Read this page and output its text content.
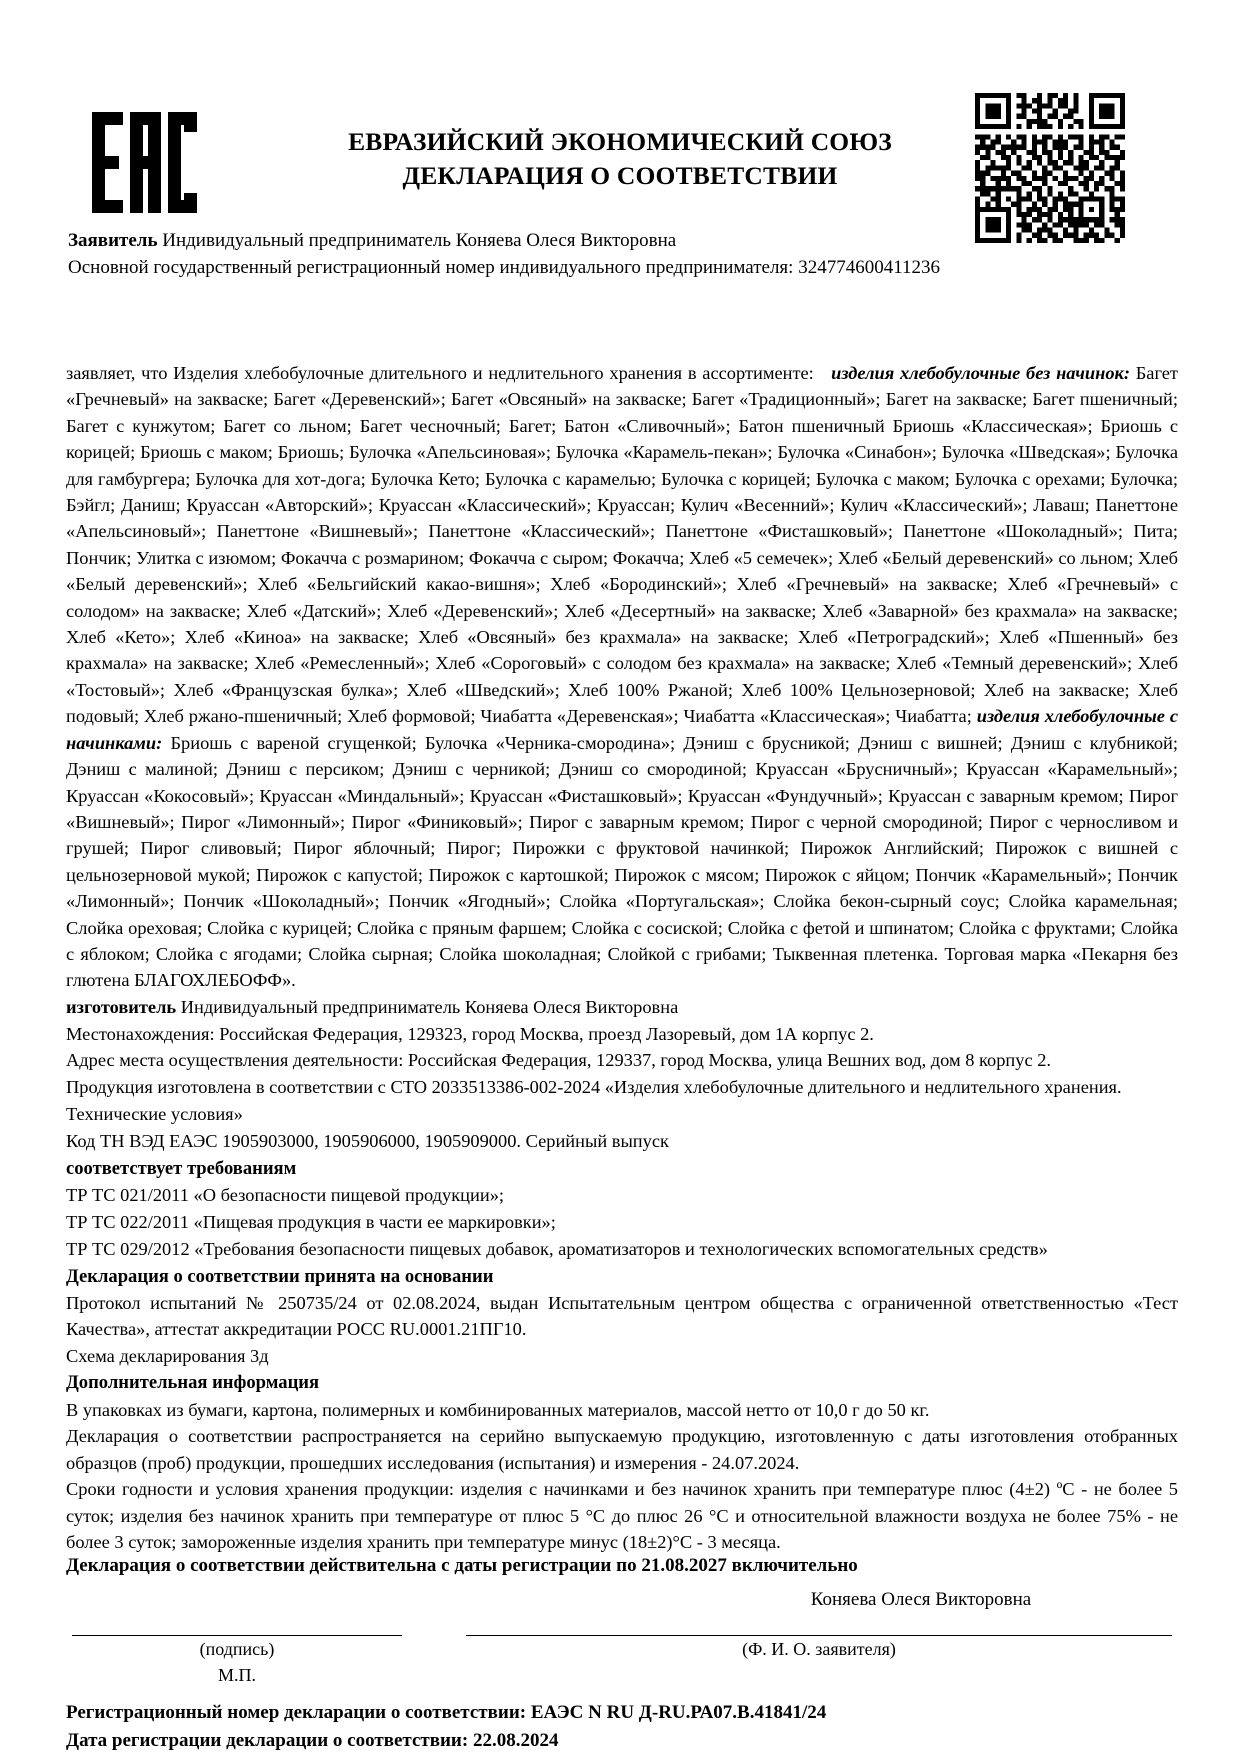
ЕВРАЗИЙСКИЙ ЭКОНОМИЧЕСКИЙ СОЮЗ
ДЕКЛАРАЦИЯ О СООТВЕТСТВИИ
Заявитель Индивидуальный предприниматель Коняева Олеся Викторовна
Основной государственный регистрационный номер индивидуального предпринимателя: 324774600411236
заявляет, что Изделия хлебобулочные длительного и недлительного хранения в ассортименте: изделия хлебобулочные без начинок: Багет «Гречневый» на закваске; Багет «Деревенский»; Багет «Овсяный» на закваске; Багет «Традиционный»; Багет на закваске; Багет пшеничный; Багет с кунжутом; Багет со льном; Багет чесночный; Багет; Батон «Сливочный»; Батон пшеничный Бриошь «Классическая»; Бриошь с корицей; Бриошь с маком; Бриошь; Булочка «Апельсиновая»; Булочка «Карамель-пекан»; Булочка «Синабон»; Булочка «Шведская»; Булочка для гамбургера; Булочка для хот-дога; Булочка Кето; Булочка с карамелью; Булочка с корицей; Булочка с маком; Булочка с орехами; Булочка; Бэйгл; Даниш; Круассан «Авторский»; Круассан «Классический»; Круассан; Кулич «Весенний»; Кулич «Классический»; Лаваш; Панеттоне «Апельсиновый»; Панеттоне «Вишневый»; Панеттоне «Классический»; Панеттоне «Фисташковый»; Панеттоне «Шоколадный»; Пита; Пончик; Улитка с изюмом; Фокачча с розмарином; Фокачча с сыром; Фокачча; Хлеб «5 семечек»; Хлеб «Белый деревенский» со льном; Хлеб «Белый деревенский»; Хлеб «Бельгийский какао-вишня»; Хлеб «Бородинский»; Хлеб «Гречневый» на закваске; Хлеб «Гречневый» с солодом» на закваске; Хлеб «Датский»; Хлеб «Деревенский»; Хлеб «Десертный» на закваске; Хлеб «Заварной» без крахмала» на закваске; Хлеб «Кето»; Хлеб «Киноа» на закваске; Хлеб «Овсяный» без крахмала» на закваске; Хлеб «Петроградский»; Хлеб «Пшенный» без крахмала» на закваске; Хлеб «Ремесленный»; Хлеб «Сороговый» с солодом без крахмала» на закваске; Хлеб «Темный деревенский»; Хлеб «Тостовый»; Хлеб «Французская булка»; Хлеб «Шведский»; Хлеб 100% Ржаной; Хлеб 100% Цельнозерновой; Хлеб на закваске; Хлеб подовый; Хлеб ржано-пшеничный; Хлеб формовой; Чиабатта «Деревенская»; Чиабатта «Классическая»; Чиабатта; изделия хлебобулочные с начинками: Бриошь с вареной сгущенкой; Булочка «Черника-смородина»; Дэниш с брусникой; Дэниш с вишней; Дэниш с клубникой; Дэниш с малиной; Дэниш с персиком; Дэниш с черникой; Дэниш со смородиной; Круассан «Брусничный»; Круассан «Карамельный»; Круассан «Кокосовый»; Круассан «Миндальный»; Круассан «Фисташковый»; Круассан «Фундучный»; Круассан с заварным кремом; Пирог «Вишневый»; Пирог «Лимонный»; Пирог «Финиковый»; Пирог с заварным кремом; Пирог с черной смородиной; Пирог с черносливом и грушей; Пирог сливовый; Пирог яблочный; Пирог; Пирожки с фруктовой начинкой; Пирожок Английский; Пирожок с вишней с цельнозерновой мукой; Пирожок с капустой; Пирожок с картошкой; Пирожок с мясом; Пирожок с яйцом; Пончик «Карамельный»; Пончик «Лимонный»; Пончик «Шоколадный»; Пончик «Ягодный»; Слойка «Португальская»; Слойка бекон-сырный соус; Слойка карамельная; Слойка ореховая; Слойка с курицей; Слойка с пряным фаршем; Слойка с сосиской; Слойка с фетой и шпинатом; Слойка с фруктами; Слойка с яблоком; Слойка с ягодами; Слойка сырная; Слойка шоколадная; Слойкой с грибами; Тыквенная плетенка. Торговая марка «Пекарня без глютена БЛАГОХЛЕБОФФ».

изготовитель Индивидуальный предприниматель Коняева Олеся Викторовна
Местонахождения: Российская Федерация, 129323, город Москва, проезд Лазоревый, дом 1А корпус 2.
Адрес места осуществления деятельности: Российская Федерация, 129337, город Москва, улица Вешних вод, дом 8 корпус 2.
Продукция изготовлена в соответствии с СТО 2033513386-002-2024 «Изделия хлебобулочные длительного и недлительного хранения. Технические условия»
Код ТН ВЭД ЕАЭС 1905903000, 1905906000, 1905909000. Серийный выпуск

соответствует требованиям
ТР ТС 021/2011 «О безопасности пищевой продукции»;
ТР ТС 022/2011 «Пищевая продукция в части ее маркировки»;
ТР ТС 029/2012 «Требования безопасности пищевых добавок, ароматизаторов и технологических вспомогательных средств»

Декларация о соответствии принята на основании
Протокол испытаний № 250735/24 от 02.08.2024, выдан Испытательным центром общества с ограниченной ответственностью «Тест Качества», аттестат аккредитации РОСС RU.0001.21ПГ10.
Схема декларирования 3д

Дополнительная информация
В упаковках из бумаги, картона, полимерных и комбинированных материалов, массой нетто от 10,0 г до 50 кг.
Декларация о соответствии распространяется на серийно выпускаемую продукцию, изготовленную с даты изготовления отобранных образцов (проб) продукции, прошедших исследования (испытания) и измерения - 24.07.2024.
Сроки годности и условия хранения продукции: изделия с начинками и без начинок хранить при температуре плюс (4±2) ºС - не более 5 суток; изделия без начинок хранить при температуре от плюс 5 °С до плюс 26 °С и относительной влажности воздуха не более 75% - не более 3 суток; замороженные изделия хранить при температуре минус (18±2)°С - 3 месяца.

Декларация о соответствии действительна с даты регистрации по 21.08.2027 включительно

Коняева Олеся Викторовна
(подпись)	(Ф. И. О. заявителя)
М.П.

Регистрационный номер декларации о соответствии: ЕАЭС N RU Д-RU.РА07.В.41841/24
Дата регистрации декларации о соответствии: 22.08.2024
